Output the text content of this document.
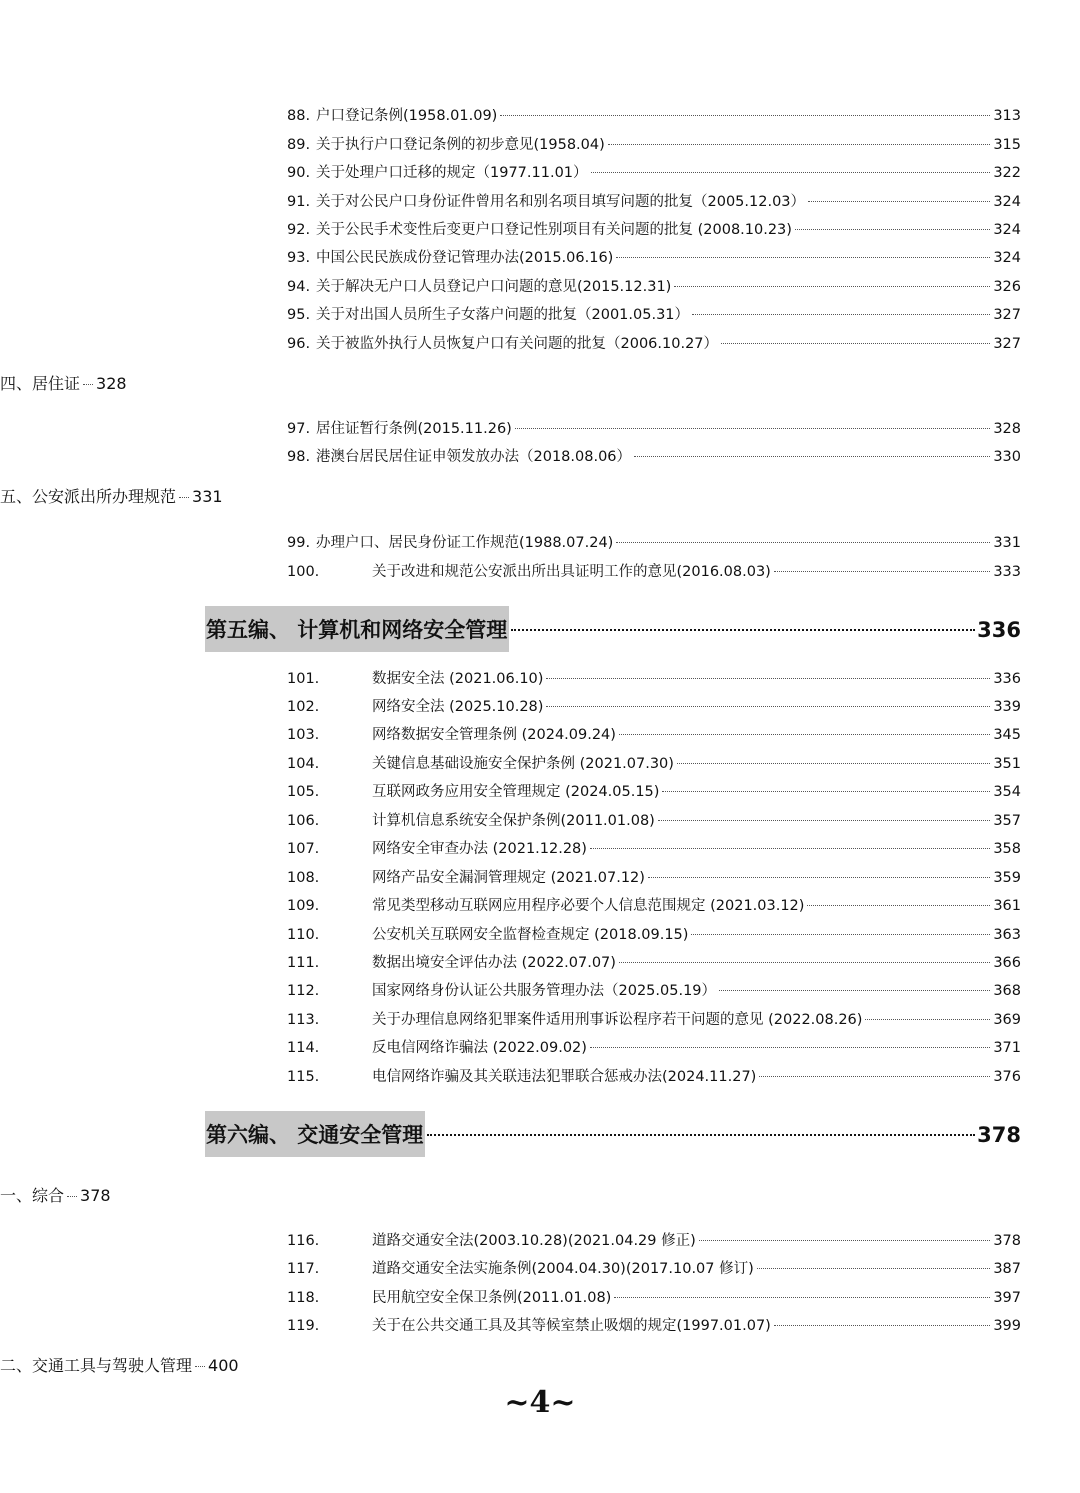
88. 户口登记条例(1958.01.09)	313
89. 关于执行户口登记条例的初步意见(1958.04)	315
90. 关于处理户口迁移的规定（1977.11.01）	322
91. 关于对公民户口身份证件曾用名和别名项目填写问题的批复（2005.12.03）	324
92. 关于公民手术变性后变更户口登记性别项目有关问题的批复 (2008.10.23)	324
93. 中国公民民族成份登记管理办法(2015.06.16)	324
94. 关于解决无户口人员登记户口问题的意见(2015.12.31)	326
95. 关于对出国人员所生子女落户问题的批复（2001.05.31）	327
96. 关于被监外执行人员恢复户口有关问题的批复（2006.10.27）	327
四、居住证 328
97. 居住证暂行条例(2015.11.26)	328
98. 港澳台居民居住证申领发放办法（2018.08.06）	330
五、公安派出所办理规范 331
99. 办理户口、居民身份证工作规范(1988.07.24)	331
100.	关于改进和规范公安派出所出具证明工作的意见(2016.08.03)	333
第五编、 计算机和网络安全管理	336
101.	数据安全法 (2021.06.10)	336
102.	网络安全法 (2025.10.28)	339
103.	网络数据安全管理条例 (2024.09.24)	345
104.	关键信息基础设施安全保护条例 (2021.07.30)	351
105.	互联网政务应用安全管理规定 (2024.05.15)	354
106.	计算机信息系统安全保护条例(2011.01.08)	357
107.	网络安全审查办法 (2021.12.28)	358
108.	网络产品安全漏洞管理规定 (2021.07.12)	359
109.	常见类型移动互联网应用程序必要个人信息范围规定 (2021.03.12)	361
110.	公安机关互联网安全监督检查规定 (2018.09.15)	363
111.	数据出境安全评估办法 (2022.07.07)	366
112.	国家网络身份认证公共服务管理办法（2025.05.19）	368
113.	关于办理信息网络犯罪案件适用刑事诉讼程序若干问题的意见 (2022.08.26)	369
114.	反电信网络诈骗法 (2022.09.02)	371
115.	电信网络诈骗及其关联违法犯罪联合惩戒办法(2024.11.27)	376
第六编、 交通安全管理	378
一、综合 378
116.	道路交通安全法(2003.10.28)(2021.04.29 修正)	378
117.	道路交通安全法实施条例(2004.04.30)(2017.10.07 修订)	387
118.	民用航空安全保卫条例(2011.01.08)	397
119.	关于在公共交通工具及其等候室禁止吸烟的规定(1997.01.07)	399
二、交通工具与驾驶人管理 400
~4~
